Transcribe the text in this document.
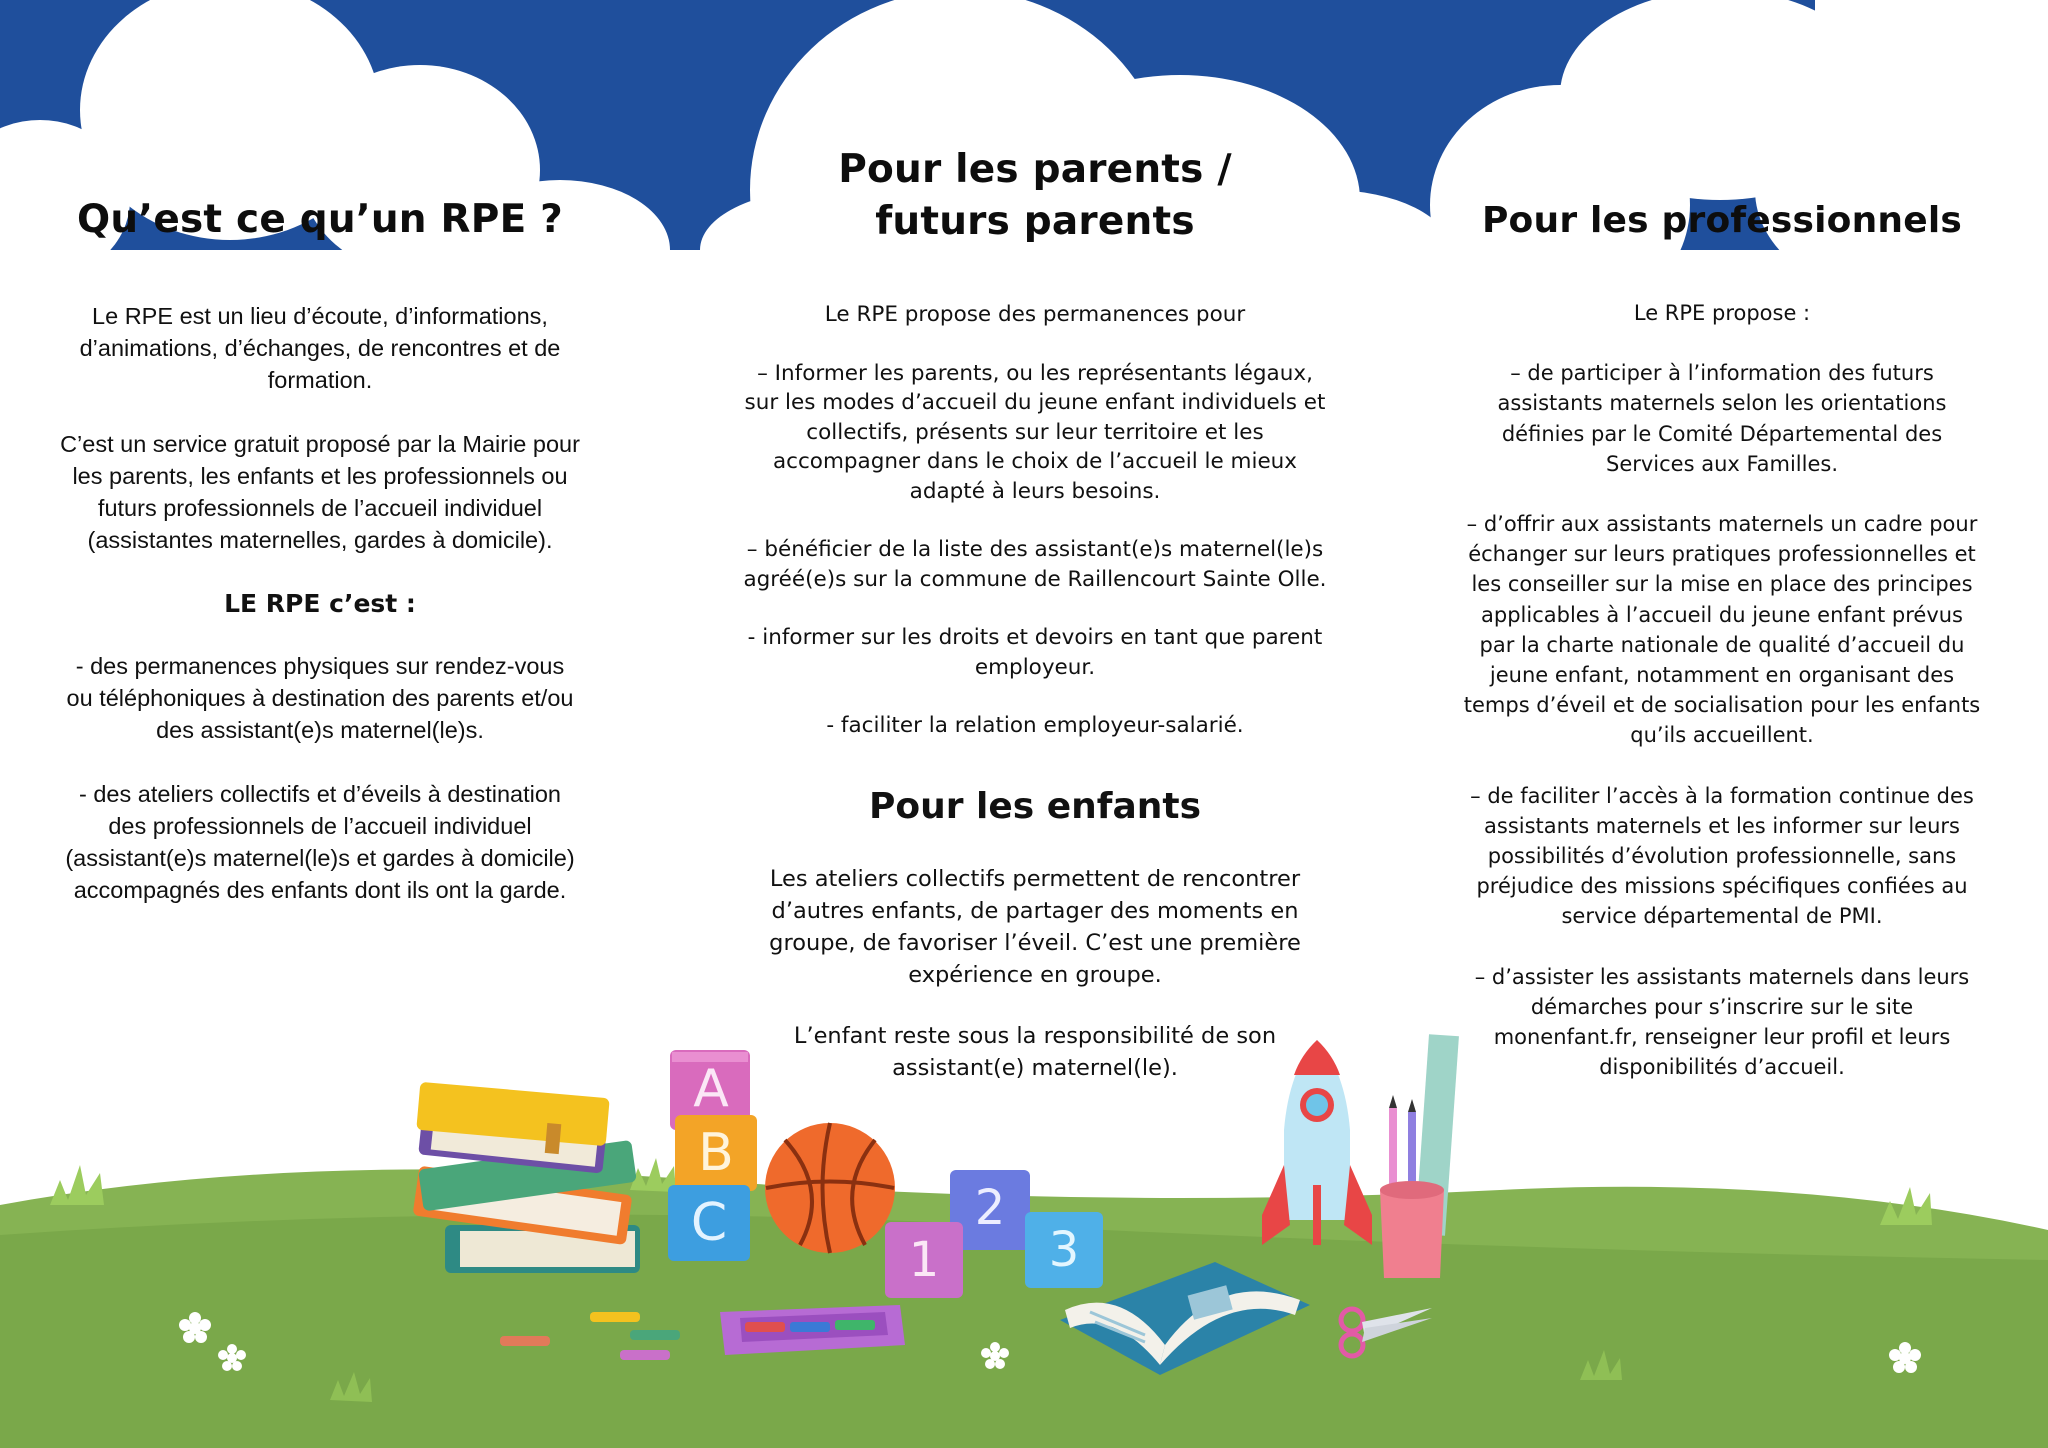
A
B
C
1
2
3
Qu’est ce qu’un RPE ?

Le RPE est un lieu d’écoute, d’informations, d’animations, d’échanges, de rencontres et de formation.

C’est un service gratuit proposé par la Mairie pour les parents, les enfants et les professionnels ou futurs professionnels de l’accueil individuel (assistantes maternelles, gardes à domicile).

LE RPE c’est :

- des permanences physiques sur rendez-vous ou téléphoniques à destination des parents et/ou des assistant(e)s maternel(le)s.

- des ateliers collectifs et d’éveils à destination des professionnels de l’accueil individuel (assistant(e)s maternel(le)s et gardes à domicile) accompagnés des enfants dont ils ont la garde.

Pour les parents /
futurs parents

Le RPE propose des permanences pour

– Informer les parents, ou les représentants légaux, sur les modes d’accueil du jeune enfant individuels et collectifs, présents sur leur territoire et les accompagner dans le choix de l’accueil le mieux adapté à leurs besoins.

– bénéficier de la liste des assistant(e)s maternel(le)s agréé(e)s sur la commune de Raillencourt Sainte Olle.

- informer sur les droits et devoirs en tant que parent employeur.

- faciliter la relation employeur-salarié.

Pour les enfants

Les ateliers collectifs permettent de rencontrer d’autres enfants, de partager des moments en groupe, de favoriser l’éveil. C’est une première expérience en groupe.

L’enfant reste sous la responsibilité de son assistant(e) maternel(le).

Pour les professionnels

Le RPE propose :

– de participer à l’information des futurs assistants maternels selon les orientations définies par le Comité Départemental des Services aux Familles.

– d’offrir aux assistants maternels un cadre pour échanger sur leurs pratiques professionnelles et les conseiller sur la mise en place des principes applicables à l’accueil du jeune enfant prévus par la charte nationale de qualité d’accueil du jeune enfant, notamment en organisant des temps d’éveil et de socialisation pour les enfants qu’ils accueillent.

– de faciliter l’accès à la formation continue des assistants maternels et les informer sur leurs possibilités d’évolution professionnelle, sans préjudice des missions spécifiques confiées au service départemental de PMI.

– d’assister les assistants maternels dans leurs démarches pour s’inscrire sur le site monenfant.fr, renseigner leur profil et leurs disponibilités d’accueil.
